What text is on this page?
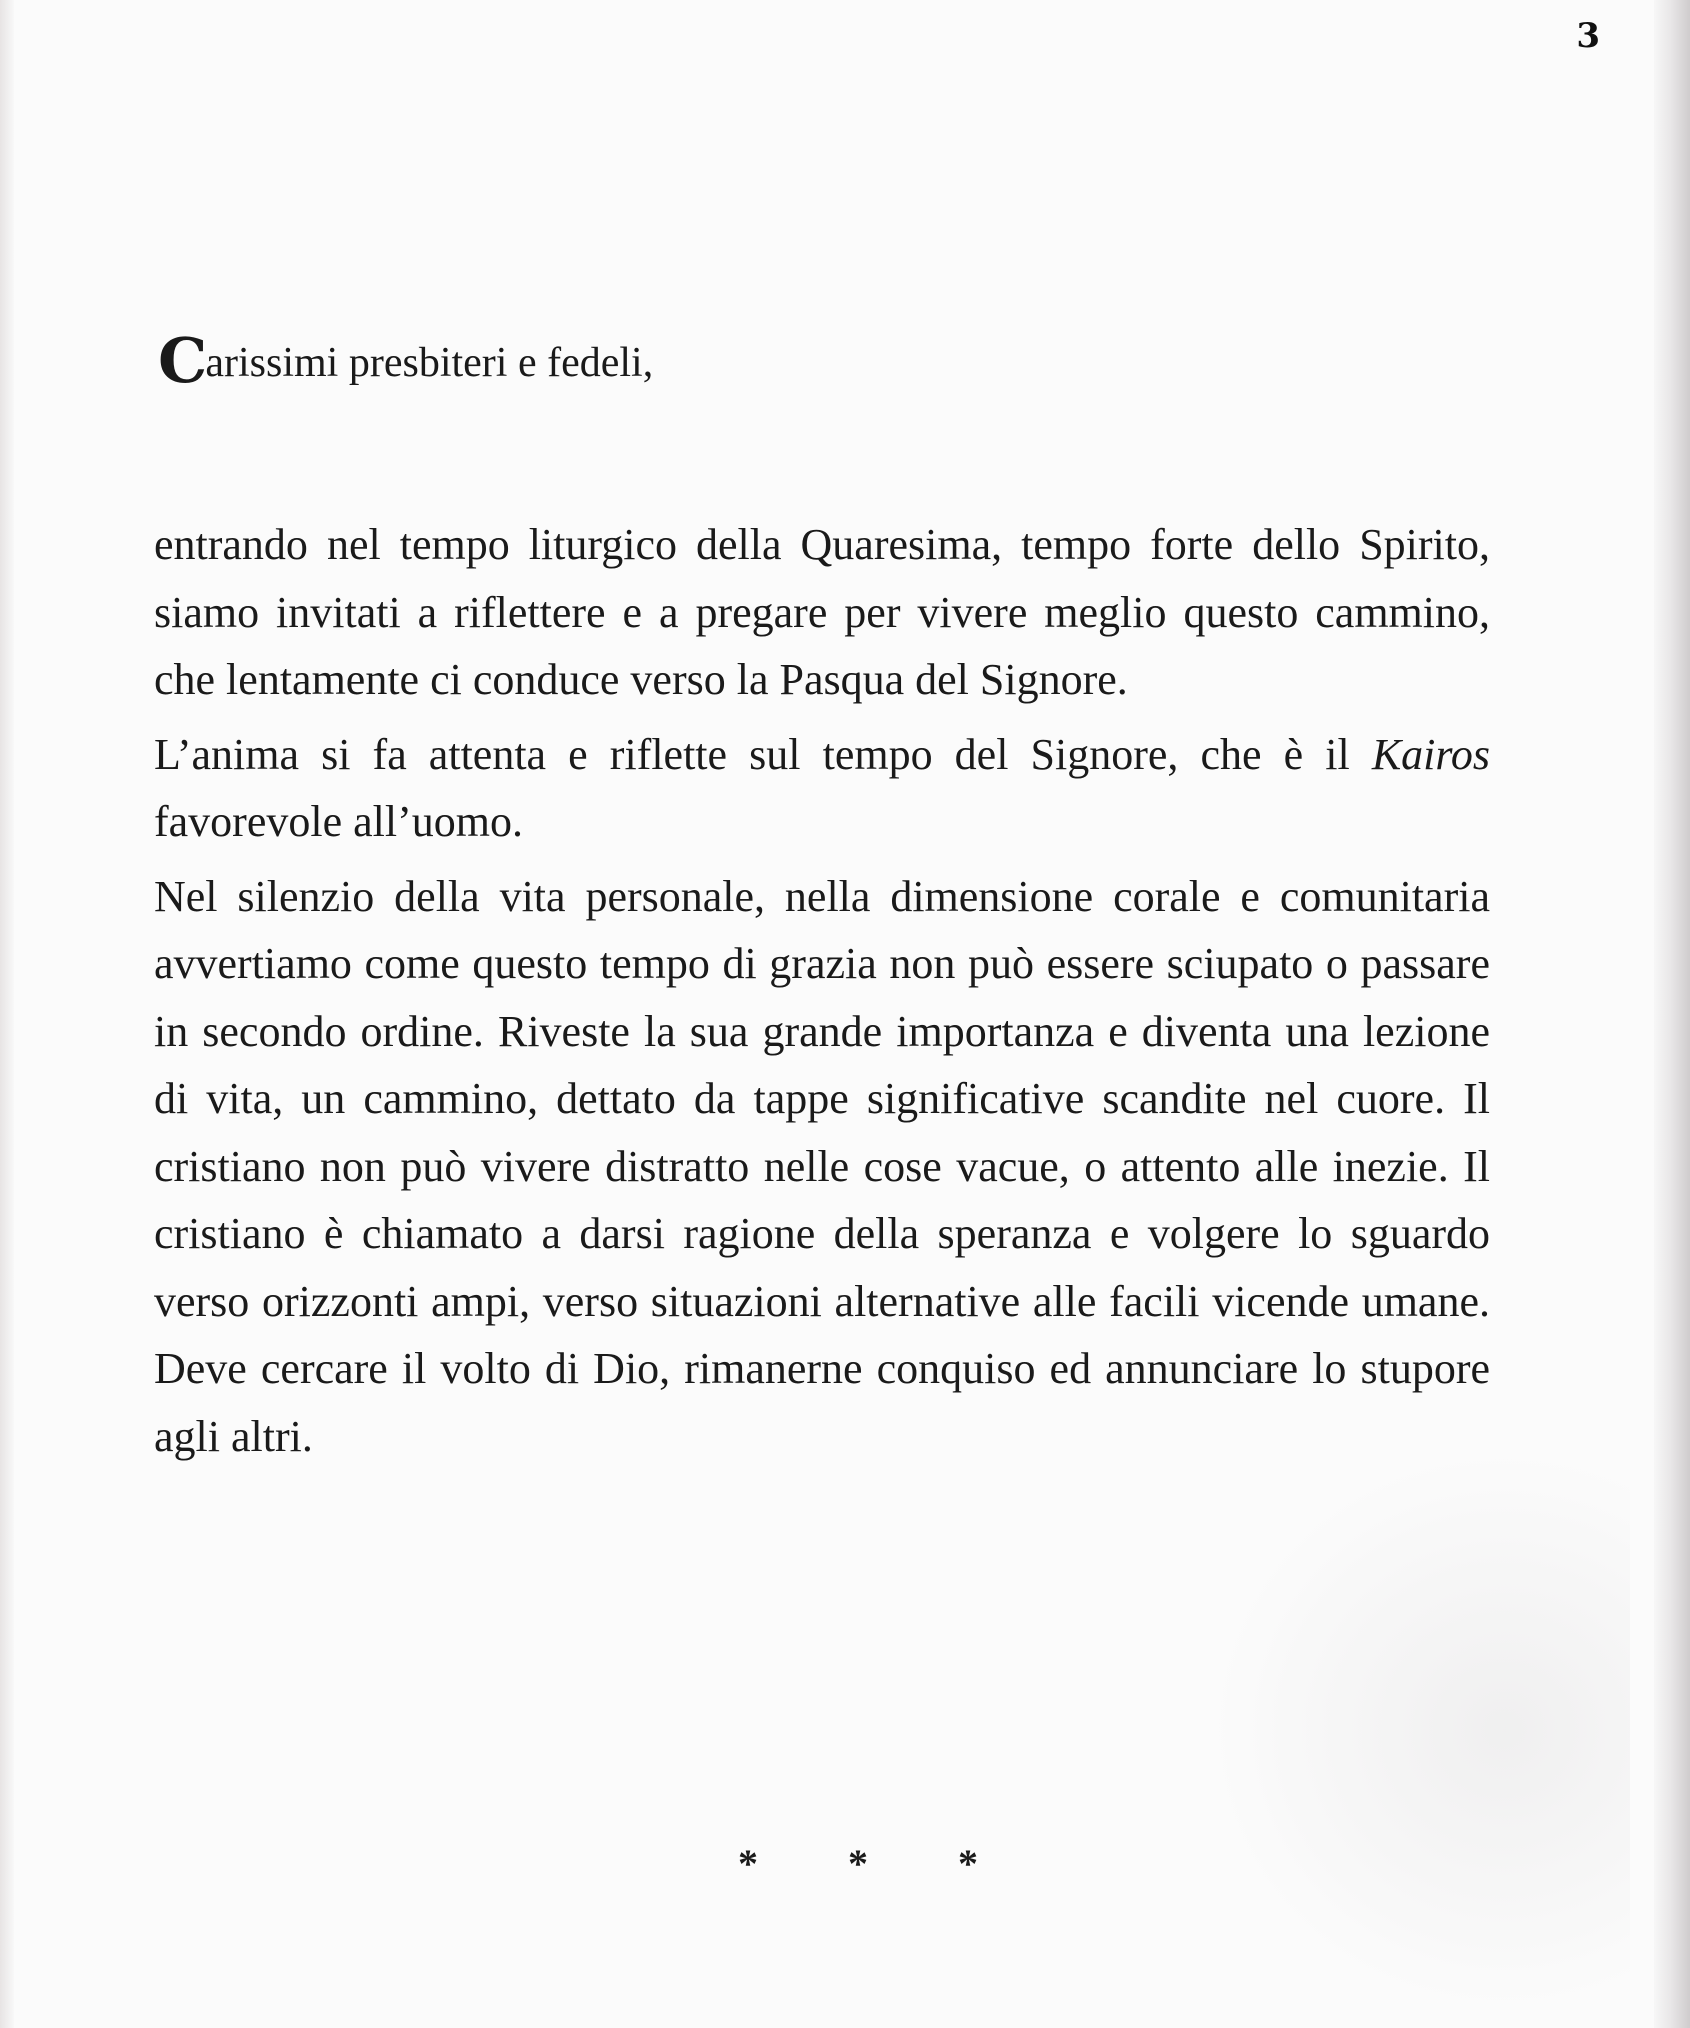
3
Carissimi presbiteri e fedeli,

entrando nel tempo liturgico della Quaresima, tempo forte dello Spirito, siamo invitati a riflettere e a pregare per vivere meglio questo cammino, che lentamente ci conduce verso la Pasqua del Signore.

L’anima si fa attenta e riflette sul tempo del Signore, che è il Kairos favorevole all’uomo.

Nel silenzio della vita personale, nella dimensione corale e comunitaria avvertiamo come questo tempo di grazia non può essere sciupato o passare in secondo ordine. Riveste la sua grande importanza e diventa una lezione di vita, un cammino, dettato da tappe significative scandite nel cuore. Il cristiano non può vivere distratto nelle cose vacue, o attento alle inezie. Il cristiano è chiamato a darsi ragione della speranza e volgere lo sguardo verso orizzonti ampi, verso situazioni alternative alle facili vicende umane. Deve cercare il volto di Dio, rimanerne conquiso ed annunciare lo stupore agli altri.

* * *
